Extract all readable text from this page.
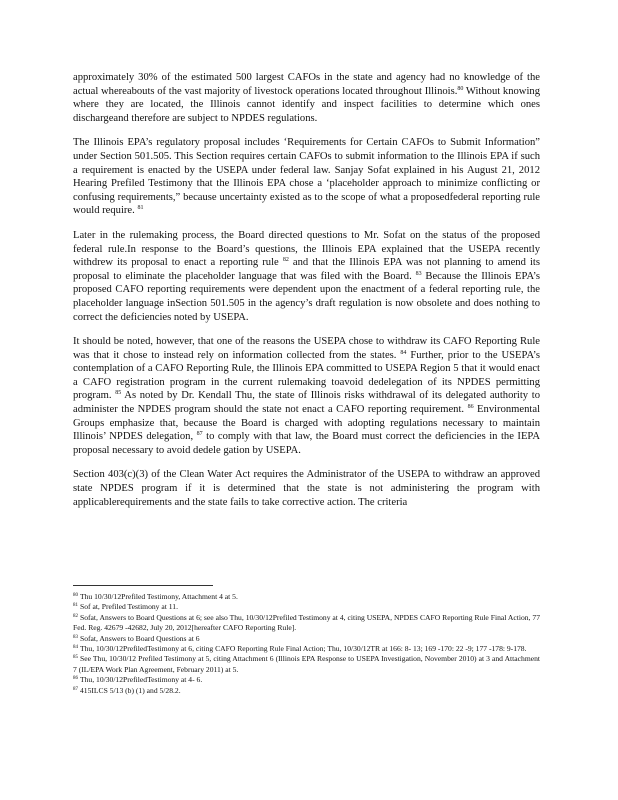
approximately 30% of the estimated 500 largest CAFOs in the state and agency had no knowledge of the actual whereabouts of the vast majority of livestock operations located throughout Illinois.$^{80}$ Without knowing where they are located, the Illinois cannot identify and inspect facilities to determine which ones dischargeand therefore are subject to NPDES regulations.

The Illinois EPA’s regulatory proposal includes ‘Requirements for Certain CAFOs to Submit Information” under Section 501.505. This Section requires certain CAFOs to submit information to the Illinois EPA if such a requirement is enacted by the USEPA under federal law. Sanjay Sofat explained in his August 21, 2012 Hearing Prefiled Testimony that the Illinois EPA chose a ‘placeholder approach to minimize conflicting or confusing requirements,” because uncertainty existed as to the scope of what a proposedfederal reporting rule would require. $^{81}$

Later in the rulemaking process, the Board directed questions to Mr. Sofat on the status of the proposed federal rule.In response to the Board’s questions, the Illinois EPA explained that the USEPA recently withdrew its proposal to enact a reporting rule $^{82}$ and that the Illinois EPA was not planning to amend its proposal to eliminate the placeholder language that was filed with the Board. $^{83}$ Because the Illinois EPA’s proposed CAFO reporting requirements were dependent upon the enactment of a federal reporting rule, the placeholder language inSection 501.505 in the agency’s draft regulation is now obsolete and does nothing to correct the deficiencies noted by USEPA.

It should be noted, however, that one of the reasons the USEPA chose to withdraw its CAFO Reporting Rule was that it chose to instead rely on information collected from the states. $^{84}$ Further, prior to the USEPA’s contemplation of a CAFO Reporting Rule, the Illinois EPA committed to USEPA Region 5 that it would enact a CAFO registration program in the current rulemaking toavoid dedelegation of its NPDES permitting program. $^{85}$ As noted by Dr. Kendall Thu, the state of Illinois risks withdrawal of its delegated authority to administer the NPDES program should the state not enact a CAFO reporting requirement. $^{86}$ Environmental Groups emphasize that, because the Board is charged with adopting regulations necessary to maintain Illinois’ NPDES delegation, $^{87}$ to comply with that law, the Board must correct the deficiencies in the IEPA proposal necessary to avoid dedele gation by USEPA.

Section 403(c)(3) of the Clean Water Act requires the Administrator of the USEPA to withdraw an approved state NPDES program if it is determined that the state is not administering the program with applicablerequirements and the state fails to take corrective action. The criteria

$^{80}$ Thu 10/30/12Prefiled Testimony, Attachment 4 at 5.

$^{81}$ Sof at, Prefiled Testimony at 11.

$^{82}$ Sofat, Answers to Board Questions at 6; see also Thu, 10/30/12Prefiled Testimony at 4, citing USEPA, NPDES CAFO Reporting Rule Final Action, 77 Fed. Reg. 42679 -42682, July 20, 2012[hereafter CAFO Reporting Rule].

$^{83}$ Sofat, Answers to Board Questions at 6

$^{84}$ Thu, 10/30/12PrefiledTestimony at 6, citing CAFO Reporting Rule Final Action; Thu, 10/30/12TR at 166: 8- 13; 169 -170: 22 -9; 177 -178: 9-178.

$^{85}$ See Thu, 10/30/12 Prefiled Testimony at 5, citing Attachment 6 (Illinois EPA Response to USEPA Investigation, November 2010) at 3 and Attachment 7 (IL/EPA Work Plan Agreement, February 2011) at 5.

$^{86}$ Thu, 10/30/12PrefiledTestimony at 4- 6.

$^{87}$ 415ILCS 5/13 (b) (1) and 5/28.2.
